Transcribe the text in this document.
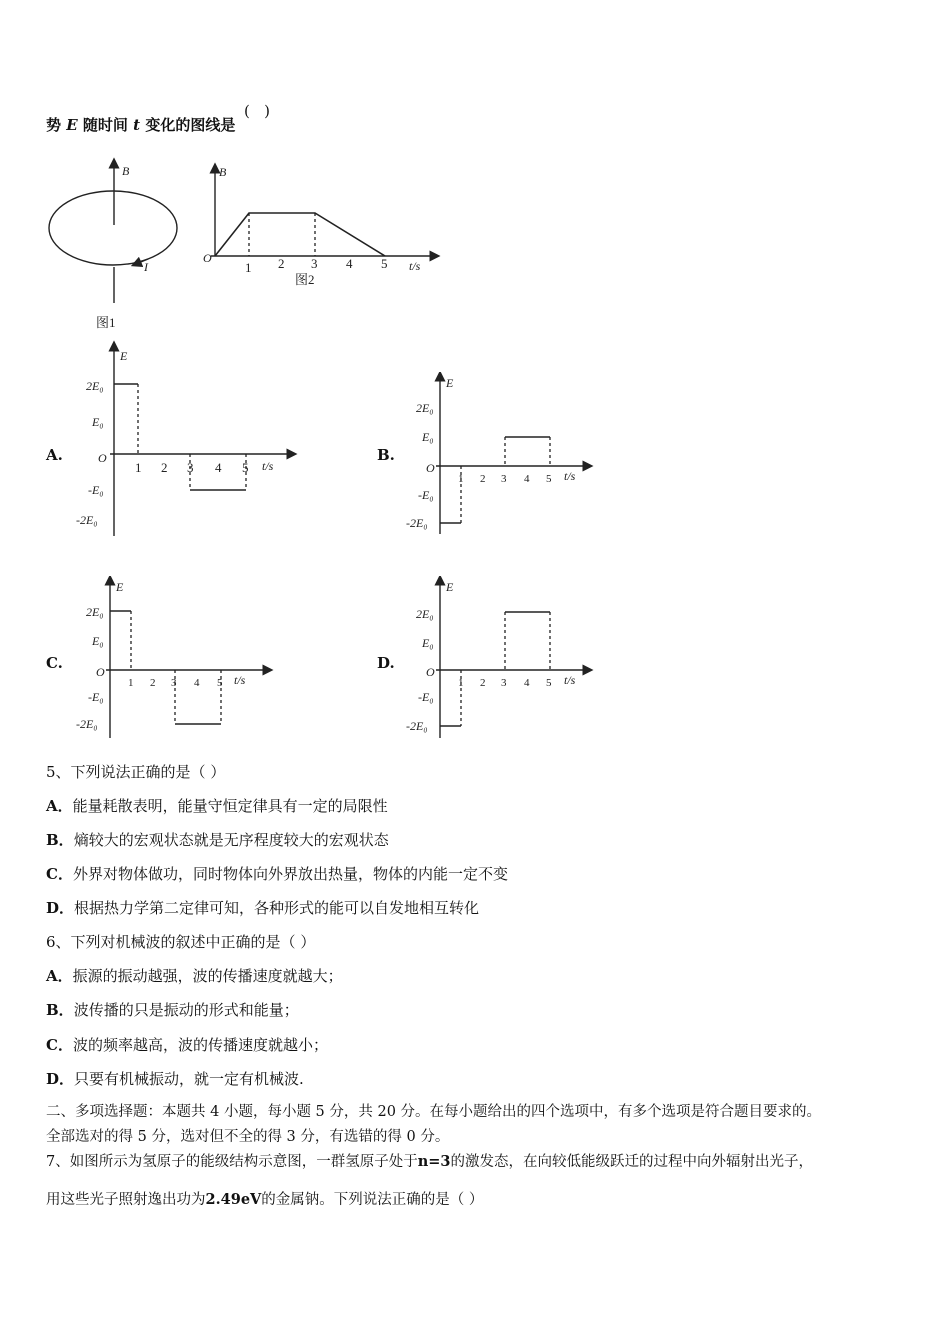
势 E 随时间 t 变化的图线是
(   )
B
I
图1
B
O
1 2 3 4 5 t/s
图2
A.	B.
C.	D.
E
2E₀
E₀
O
-E₀
-2E₀
1 2 3 4 5 t/s
E
2E₀
E₀
O
-E₀
-2E₀
1 2 3 4 5 t/s
E
2E₀
E₀
O
-E₀
-2E₀
1 2 3 4 5 t/s
E
2E₀
E₀
O
-E₀
-2E₀
1 2 3 4 5 t/s
5、下列说法正确的是（ ）
A．能量耗散表明，能量守恒定律具有一定的局限性
B．熵较大的宏观状态就是无序程度较大的宏观状态
C．外界对物体做功，同时物体向外界放出热量，物体的内能一定不变
D．根据热力学第二定律可知，各种形式的能可以自发地相互转化
6、下列对机械波的叙述中正确的是（ ）
A．振源的振动越强，波的传播速度就越大；
B．波传播的只是振动的形式和能量；
C．波的频率越高，波的传播速度就越小；
D．只要有机械振动，就一定有机械波.
二、多项选择题：本题共 4 小题，每小题 5 分，共 20 分。在每小题给出的四个选项中，有多个选项是符合题目要求的。
全部选对的得 5 分，选对但不全的得 3 分，有选错的得 0 分。
7、如图所示为氢原子的能级结构示意图，一群氢原子处于n=3的激发态，在向较低能级跃迁的过程中向外辐射出光子，
用这些光子照射逸出功为2.49eV的金属钠。下列说法正确的是（ ）
